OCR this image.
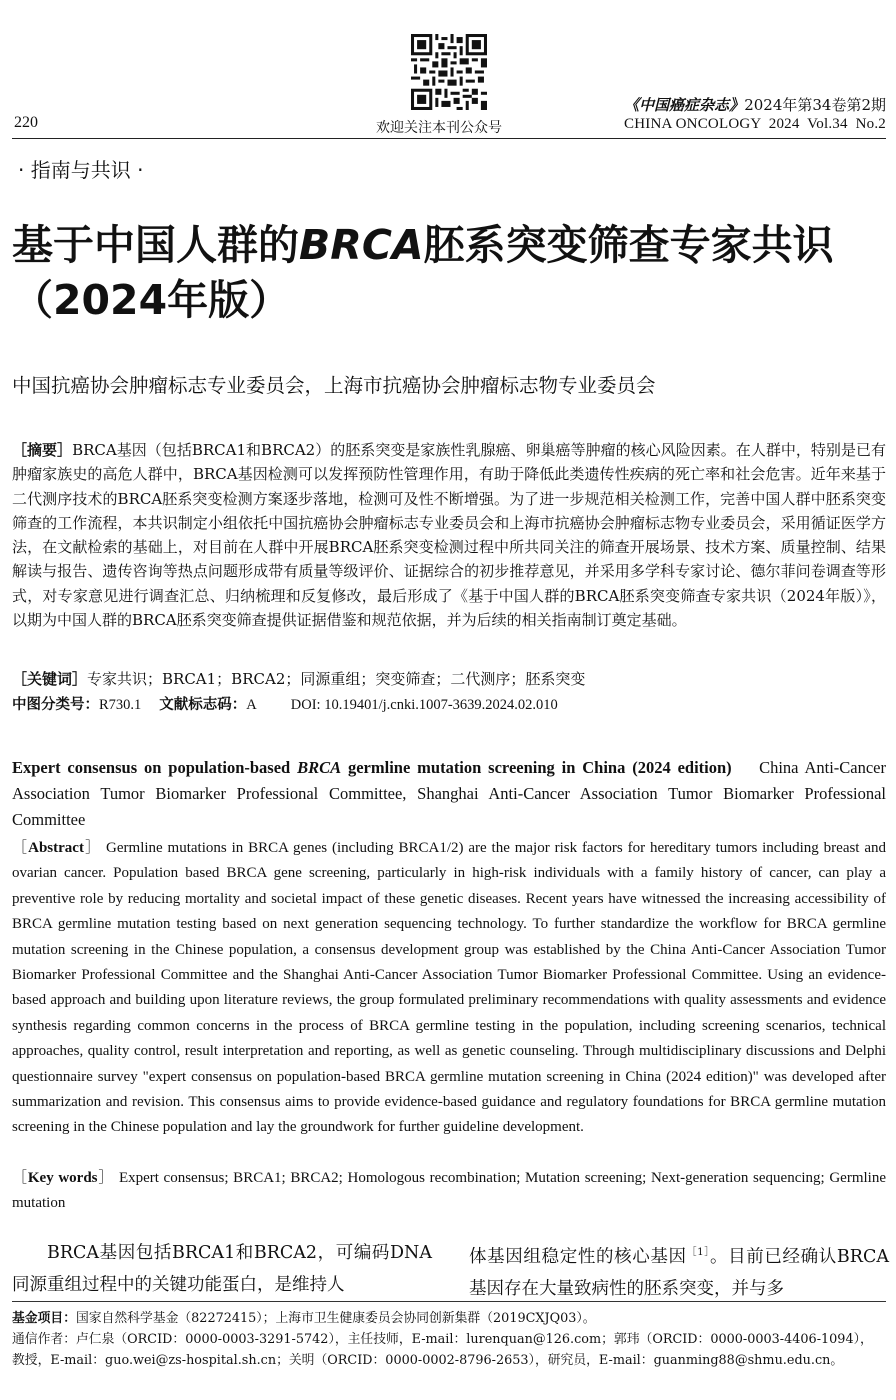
220	欢迎关注本刊公众号
《中国癌症杂志》2024年第34卷第2期
CHINA ONCOLOGY  2024  Vol.34  No.2
· 指南与共识 ·
基于中国人群的BRCA胚系突变筛查专家共识（2024年版）
中国抗癌协会肿瘤标志专业委员会，上海市抗癌协会肿瘤标志物专业委员会
［摘要］BRCA基因（包括BRCA1和BRCA2）的胚系突变是家族性乳腺癌、卵巢癌等肿瘤的核心风险因素。在人群中，特别是已有肿瘤家族史的高危人群中，BRCA基因检测可以发挥预防性管理作用，有助于降低此类遗传性疾病的死亡率和社会危害。近年来基于二代测序技术的BRCA胚系突变检测方案逐步落地，检测可及性不断增强。为了进一步规范相关检测工作，完善中国人群中胚系突变筛查的工作流程，本共识制定小组依托中国抗癌协会肿瘤标志专业委员会和上海市抗癌协会肿瘤标志物专业委员会，采用循证医学方法，在文献检索的基础上，对目前在人群中开展BRCA胚系突变检测过程中所共同关注的筛查开展场景、技术方案、质量控制、结果解读与报告、遗传咨询等热点问题形成带有质量等级评价、证据综合的初步推荐意见，并采用多学科专家讨论、德尔菲问卷调查等形式，对专家意见进行调查汇总、归纳梳理和反复修改，最后形成了《基于中国人群的BRCA胚系突变筛查专家共识（2024年版）》，以期为中国人群的BRCA胚系突变筛查提供证据借鉴和规范依据，并为后续的相关指南制订奠定基础。
［关键词］专家共识；BRCA1；BRCA2；同源重组；突变筛查；二代测序；胚系突变
中图分类号：R730.1 文献标志码：A DOI: 10.19401/j.cnki.1007-3639.2024.02.010
Expert consensus on population-based BRCA germline mutation screening in China (2024 edition) China Anti-Cancer Association Tumor Biomarker Professional Committee, Shanghai Anti-Cancer Association Tumor Biomarker Professional Committee
［Abstract］ Germline mutations in BRCA genes (including BRCA1/2) are the major risk factors for hereditary tumors including breast and ovarian cancer. Population based BRCA gene screening, particularly in high-risk individuals with a family history of cancer, can play a preventive role by reducing mortality and societal impact of these genetic diseases. Recent years have witnessed the increasing accessibility of BRCA germline mutation testing based on next generation sequencing technology. To further standardize the workflow for BRCA germline mutation screening in the Chinese population, a consensus development group was established by the China Anti-Cancer Association Tumor Biomarker Professional Committee and the Shanghai Anti-Cancer Association Tumor Biomarker Professional Committee. Using an evidence-based approach and building upon literature reviews, the group formulated preliminary recommendations with quality assessments and evidence synthesis regarding common concerns in the process of BRCA germline testing in the population, including screening scenarios, technical approaches, quality control, result interpretation and reporting, as well as genetic counseling. Through multidisciplinary discussions and Delphi questionnaire survey "expert consensus on population-based BRCA germline mutation screening in China (2024 edition)" was developed after summarization and revision. This consensus aims to provide evidence-based guidance and regulatory foundations for BRCA germline mutation screening in the Chinese population and lay the groundwork for further guideline development.
［Key words］ Expert consensus; BRCA1; BRCA2; Homologous recombination; Mutation screening; Next-generation sequencing; Germline mutation
BRCA基因包括BRCA1和BRCA2，可编码DNA同源重组过程中的关键功能蛋白，是维持人
体基因组稳定性的核心基因$^{[1]}$。目前已经确认BRCA基因存在大量致病性的胚系突变，并与多
基金项目：国家自然科学基金（82272415）；上海市卫生健康委员会协同创新集群（2019CXJQ03）。
通信作者：卢仁泉（ORCID：0000-0003-3291-5742），主任技师，E-mail：lurenquan@126.com；郭玮（ORCID：0000-0003-4406-1094），
教授，E-mail：guo.wei@zs-hospital.sh.cn；关明（ORCID：0000-0002-8796-2653），研究员，E-mail：guanming88@shmu.edu.cn。
